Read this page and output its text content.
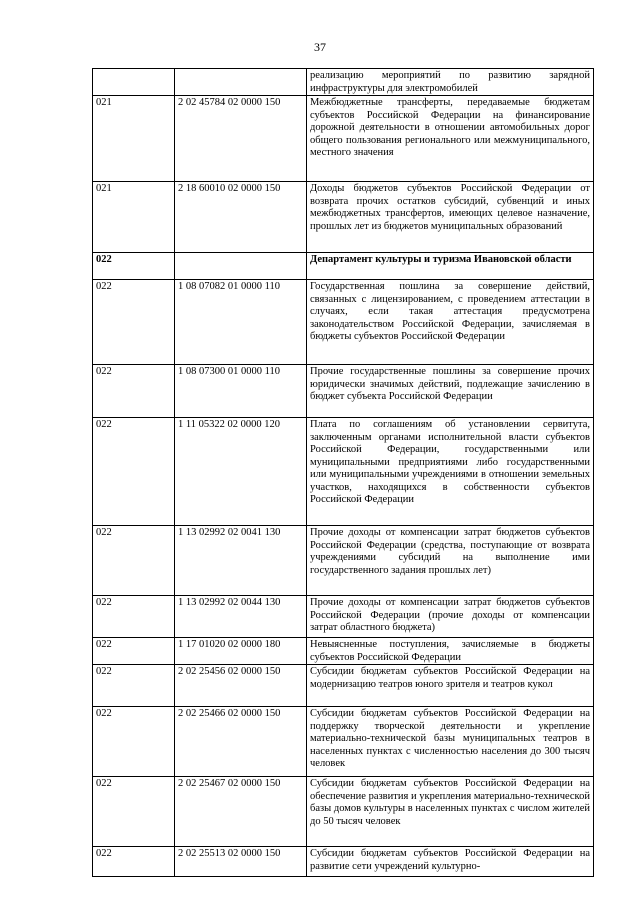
37
		реализацию мероприятий по развитию зарядной инфраструктуры для электромобилей
021	2 02 45784 02 0000 150	Межбюджетные трансферты, передаваемые бюджетам субъектов Российской Федерации на финансирование дорожной деятельности в отношении автомобильных дорог общего пользования регионального или межмуниципального, местного значения
021	2 18 60010 02 0000 150	Доходы бюджетов субъектов Российской Федерации от возврата прочих остатков субсидий, субвенций и иных межбюджетных трансфертов, имеющих целевое назначение, прошлых лет из бюджетов муниципальных образований
022		Департамент культуры и туризма Ивановской области
022	1 08 07082 01 0000 110	Государственная пошлина за совершение действий, связанных с лицензированием, с проведением аттестации в случаях, если такая аттестация предусмотрена законодательством Российской Федерации, зачисляемая в бюджеты субъектов Российской Федерации
022	1 08 07300 01 0000 110	Прочие государственные пошлины за совершение прочих юридически значимых действий, подлежащие зачислению в бюджет субъекта Российской Федерации
022	1 11 05322 02 0000 120	Плата по соглашениям об установлении сервитута, заключенным органами исполнительной власти субъектов Российской Федерации, государственными или муниципальными предприятиями либо государственными или муниципальными учреждениями в отношении земельных участков, находящихся в собственности субъектов Российской Федерации
022	1 13 02992 02 0041 130	Прочие доходы от компенсации затрат бюджетов субъектов Российской Федерации (средства, поступающие от возврата учреждениями субсидий на выполнение ими государственного задания прошлых лет)
022	1 13 02992 02 0044 130	Прочие доходы от компенсации затрат бюджетов субъектов Российской Федерации (прочие доходы от компенсации затрат областного бюджета)
022	1 17 01020 02 0000 180	Невыясненные поступления, зачисляемые в бюджеты субъектов Российской Федерации
022	2 02 25456 02 0000 150	Субсидии бюджетам субъектов Российской Федерации на модернизацию театров юного зрителя и театров кукол
022	2 02 25466 02 0000 150	Субсидии бюджетам субъектов Российской Федерации на поддержку творческой деятельности и укрепление материально-технической базы муниципальных театров в населенных пунктах с численностью населения до 300 тысяч человек
022	2 02 25467 02 0000 150	Субсидии бюджетам субъектов Российской Федерации на обеспечение развития и укрепления материально-технической базы домов культуры в населенных пунктах с числом жителей до 50 тысяч человек
022	2 02 25513 02 0000 150	Субсидии бюджетам субъектов Российской Федерации на развитие сети учреждений культурно-
